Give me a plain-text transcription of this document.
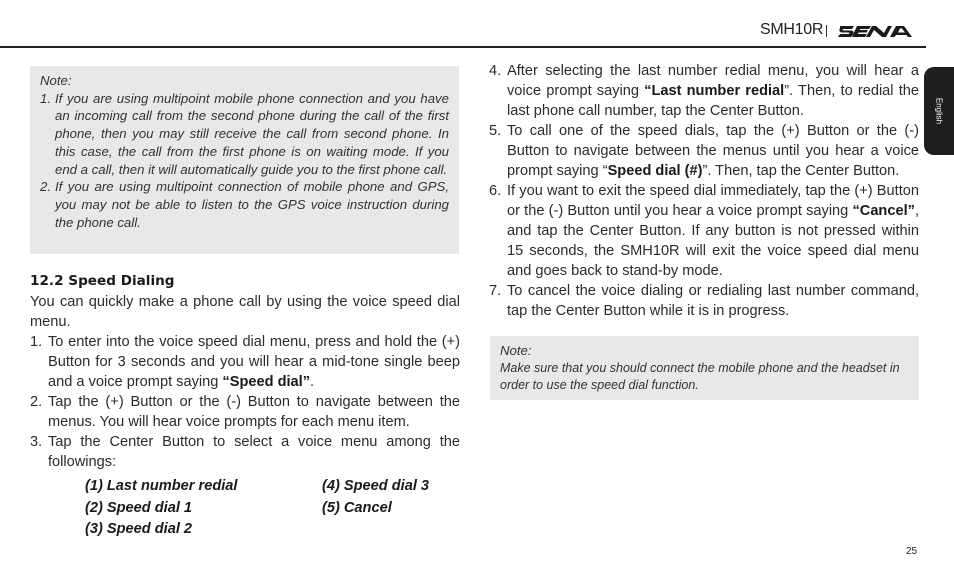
SMH10R
English

Note:

1. If you are using multipoint mobile phone connection and you have an incoming call from the second phone during the call of the first phone, then you may still receive the call from second phone. In this case, the call from the first phone is on waiting mode. If you end a call, then it will automatically guide you to the first phone call.
2. If you are using multipoint connection of mobile phone and GPS, you may not be able to listen to the GPS voice instruction during the phone call.
12.2 Speed Dialing

You can quickly make a phone call by using the voice speed dial menu.

1. To enter into the voice speed dial menu, press and hold the (+) Button for 3 seconds and you will hear a mid-tone single beep and a voice prompt saying “Speed dial”.

2. Tap the (+) Button or the (-) Button to navigate between the menus. You will hear voice prompts for each menu item.

3. Tap the Center Button to select a voice menu among the followings:

(1) Last number redial	(4) Speed dial 3
(2) Speed dial 1	(5) Cancel
(3) Speed dial 2

4. After selecting the last number redial menu, you will hear a voice prompt saying “Last number redial”. Then, to redial the last phone call number, tap the Center Button.

5. To call one of the speed dials, tap the (+) Button or the (-) Button to navigate between the menus until you hear a voice prompt saying “Speed dial (#)”. Then, tap the Center Button.

6. If you want to exit the speed dial immediately, tap the (+) Button or the (-) Button until you hear a voice prompt saying “Cancel”, and tap the Center Button. If any button is not pressed within 15 seconds, the SMH10R will exit the voice speed dial menu and goes back to stand-by mode.

7. To cancel the voice dialing or redialing last number command, tap the Center Button while it is in progress.

Note:

Make sure that you should connect the mobile phone and the headset in order to use the speed dial function.

25
